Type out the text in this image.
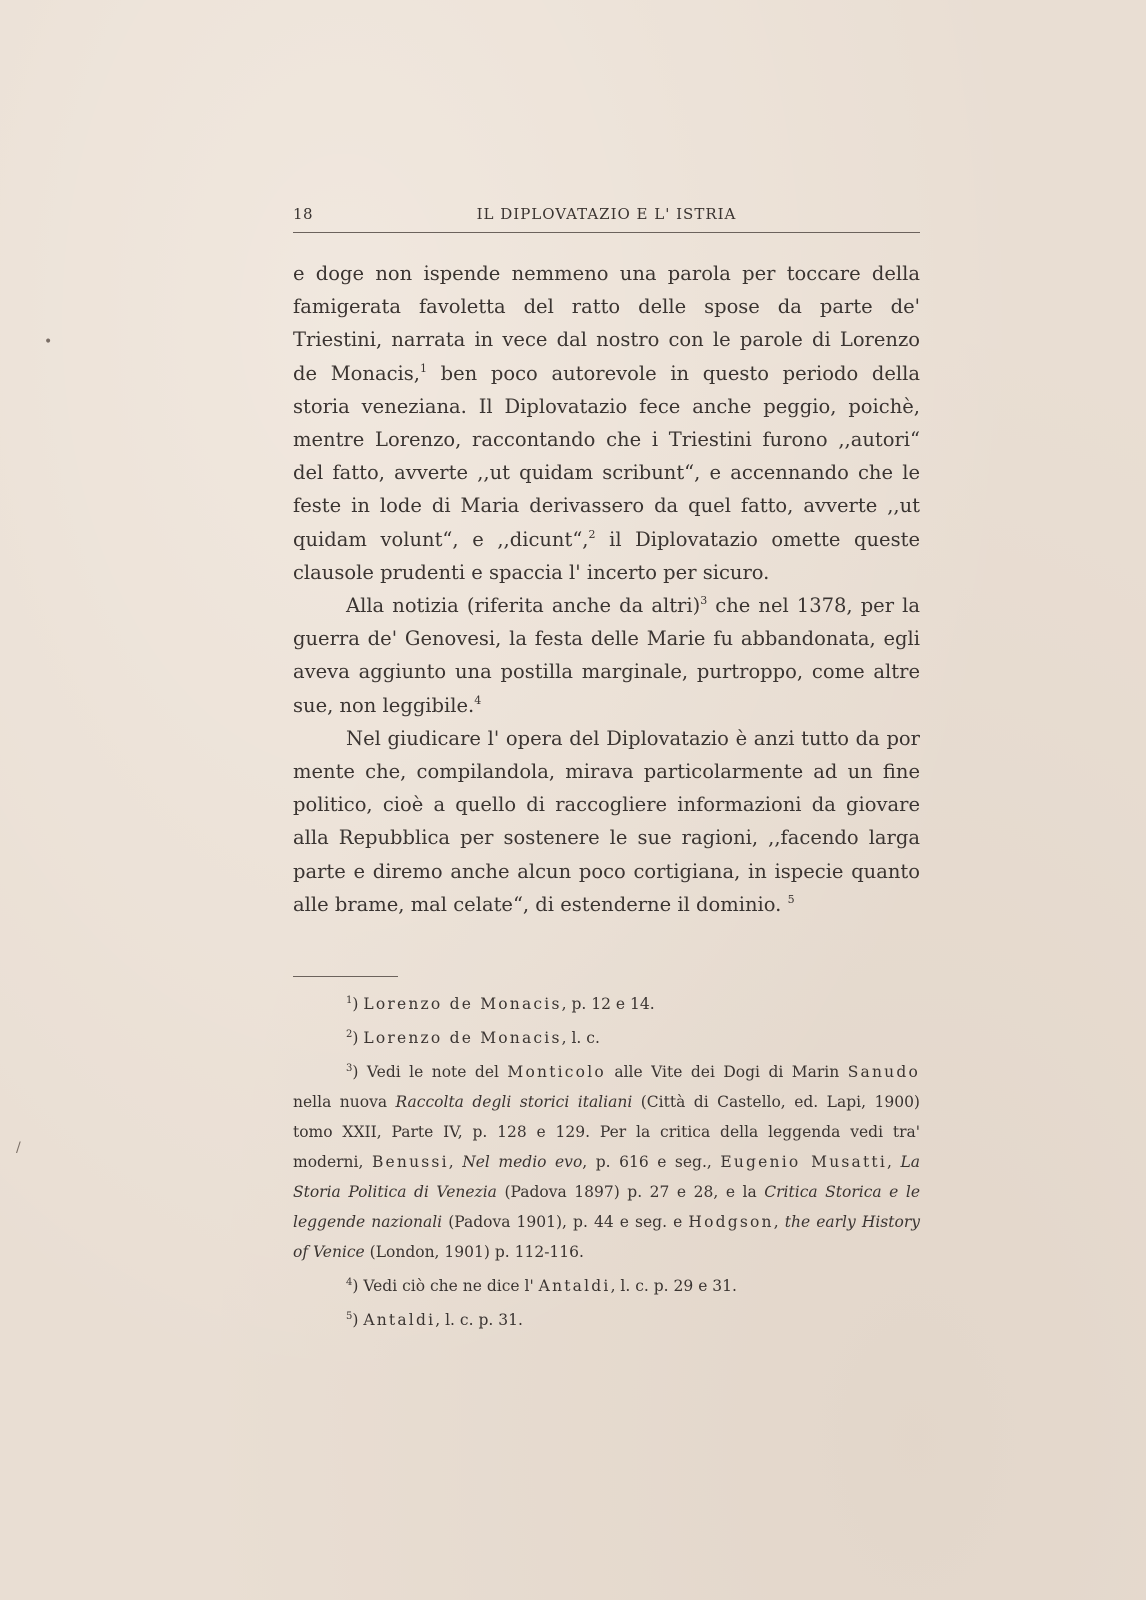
•
/
18	IL DIPLOVATAZIO E L' ISTRIA

e doge non ispende nemmeno una parola per toccare della famigerata favoletta del ratto delle spose da parte de' Triestini, narrata in vece dal nostro con le parole di Lorenzo de Monacis,$^1$ ben poco autorevole in questo periodo della storia veneziana. Il Diplovatazio fece anche peggio, poichè, mentre Lorenzo, raccontando che i Triestini furono ,,autori“ del fatto, avverte ,,ut quidam scribunt“, e accennando che le feste in lode di Maria derivassero da quel fatto, avverte ,,ut quidam volunt“, e ,,dicunt“,$^2$ il Diplovatazio omette queste clausole prudenti e spaccia l' incerto per sicuro.

Alla notizia (riferita anche da altri)$^3$ che nel 1378, per la guerra de' Genovesi, la festa delle Marie fu abbandonata, egli aveva aggiunto una postilla marginale, purtroppo, come altre sue, non leggibile.$^4$

Nel giudicare l' opera del Diplovatazio è anzi tutto da por mente che, compilandola, mirava particolarmente ad un fine politico, cioè a quello di raccogliere informazioni da giovare alla Repubblica per sostenere le sue ragioni, ,,facendo larga parte e diremo anche alcun poco cortigiana, in ispecie quanto alle brame, mal celate“, di estenderne il dominio. $^5$

$^1$) Lorenzo de Monacis, p. 12 e 14.

$^2$) Lorenzo de Monacis, l. c.

$^3$) Vedi le note del Monticolo alle Vite dei Dogi di Marin Sanudo nella nuova Raccolta degli storici italiani (Città di Castello, ed. Lapi, 1900) tomo XXII, Parte IV, p. 128 e 129. Per la critica della leggenda vedi tra' moderni, Benussi, Nel medio evo, p. 616 e seg., Eugenio Musatti, La Storia Politica di Venezia (Padova 1897) p. 27 e 28, e la Critica Storica e le leggende nazionali (Padova 1901), p. 44 e seg. e Hodgson, the early History of Venice (London, 1901) p. 112-116.

$^4$) Vedi ciò che ne dice l' Antaldi, l. c. p. 29 e 31.

$^5$) Antaldi, l. c. p. 31.
